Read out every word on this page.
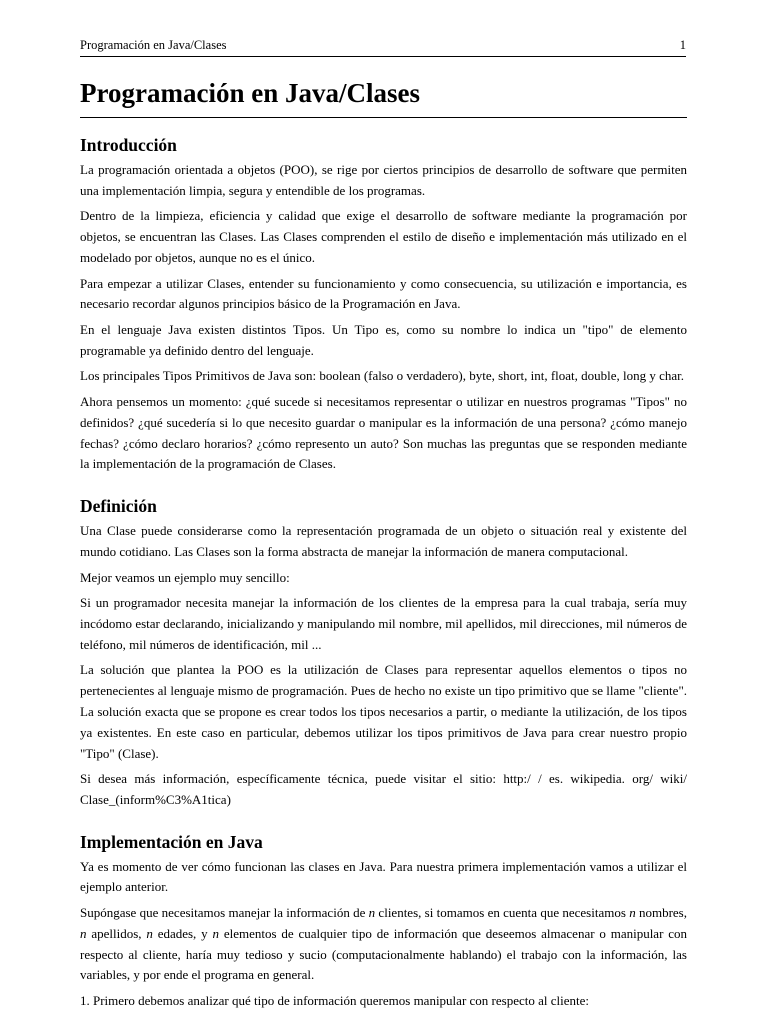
Programación en Java/Clases	1
Programación en Java/Clases
Introducción

La programación orientada a objetos (POO), se rige por ciertos principios de desarrollo de software que permiten una implementación limpia, segura y entendible de los programas.

Dentro de la limpieza, eficiencia y calidad que exige el desarrollo de software mediante la programación por objetos, se encuentran las Clases. Las Clases comprenden el estilo de diseño e implementación más utilizado en el modelado por objetos, aunque no es el único.

Para empezar a utilizar Clases, entender su funcionamiento y como consecuencia, su utilización e importancia, es necesario recordar algunos principios básico de la Programación en Java.

En el lenguaje Java existen distintos Tipos. Un Tipo es, como su nombre lo indica un "tipo" de elemento programable ya definido dentro del lenguaje.

Los principales Tipos Primitivos de Java son: boolean (falso o verdadero), byte, short, int, float, double, long y char.

Ahora pensemos un momento: ¿qué sucede si necesitamos representar o utilizar en nuestros programas "Tipos" no definidos? ¿qué sucedería si lo que necesito guardar o manipular es la información de una persona? ¿cómo manejo fechas? ¿cómo declaro horarios? ¿cómo represento un auto? Son muchas las preguntas que se responden mediante la implementación de la programación de Clases.

Definición

Una Clase puede considerarse como la representación programada de un objeto o situación real y existente del mundo cotidiano. Las Clases son la forma abstracta de manejar la información de manera computacional.

Mejor veamos un ejemplo muy sencillo:

Si un programador necesita manejar la información de los clientes de la empresa para la cual trabaja, sería muy incódomo estar declarando, inicializando y manipulando mil nombre, mil apellidos, mil direcciones, mil números de teléfono, mil números de identificación, mil ...

La solución que plantea la POO es la utilización de Clases para representar aquellos elementos o tipos no pertenecientes al lenguaje mismo de programación. Pues de hecho no existe un tipo primitivo que se llame "cliente". La solución exacta que se propone es crear todos los tipos necesarios a partir, o mediante la utilización, de los tipos ya existentes. En este caso en particular, debemos utilizar los tipos primitivos de Java para crear nuestro propio "Tipo" (Clase).

Si desea más información, específicamente técnica, puede visitar el sitio: http:/ / es. wikipedia. org/ wiki/ Clase_(inform%C3%A1tica)

Implementación en Java

Ya es momento de ver cómo funcionan las clases en Java. Para nuestra primera implementación vamos a utilizar el ejemplo anterior.

Supóngase que necesitamos manejar la información de n clientes, si tomamos en cuenta que necesitamos n nombres, n apellidos, n edades, y n elementos de cualquier tipo de información que deseemos almacenar o manipular con respecto al cliente, haría muy tedioso y sucio (computacionalmente hablando) el trabajo con la información, las variables, y por ende el programa en general.

1. Primero debemos analizar qué tipo de información queremos manipular con respecto al cliente:
